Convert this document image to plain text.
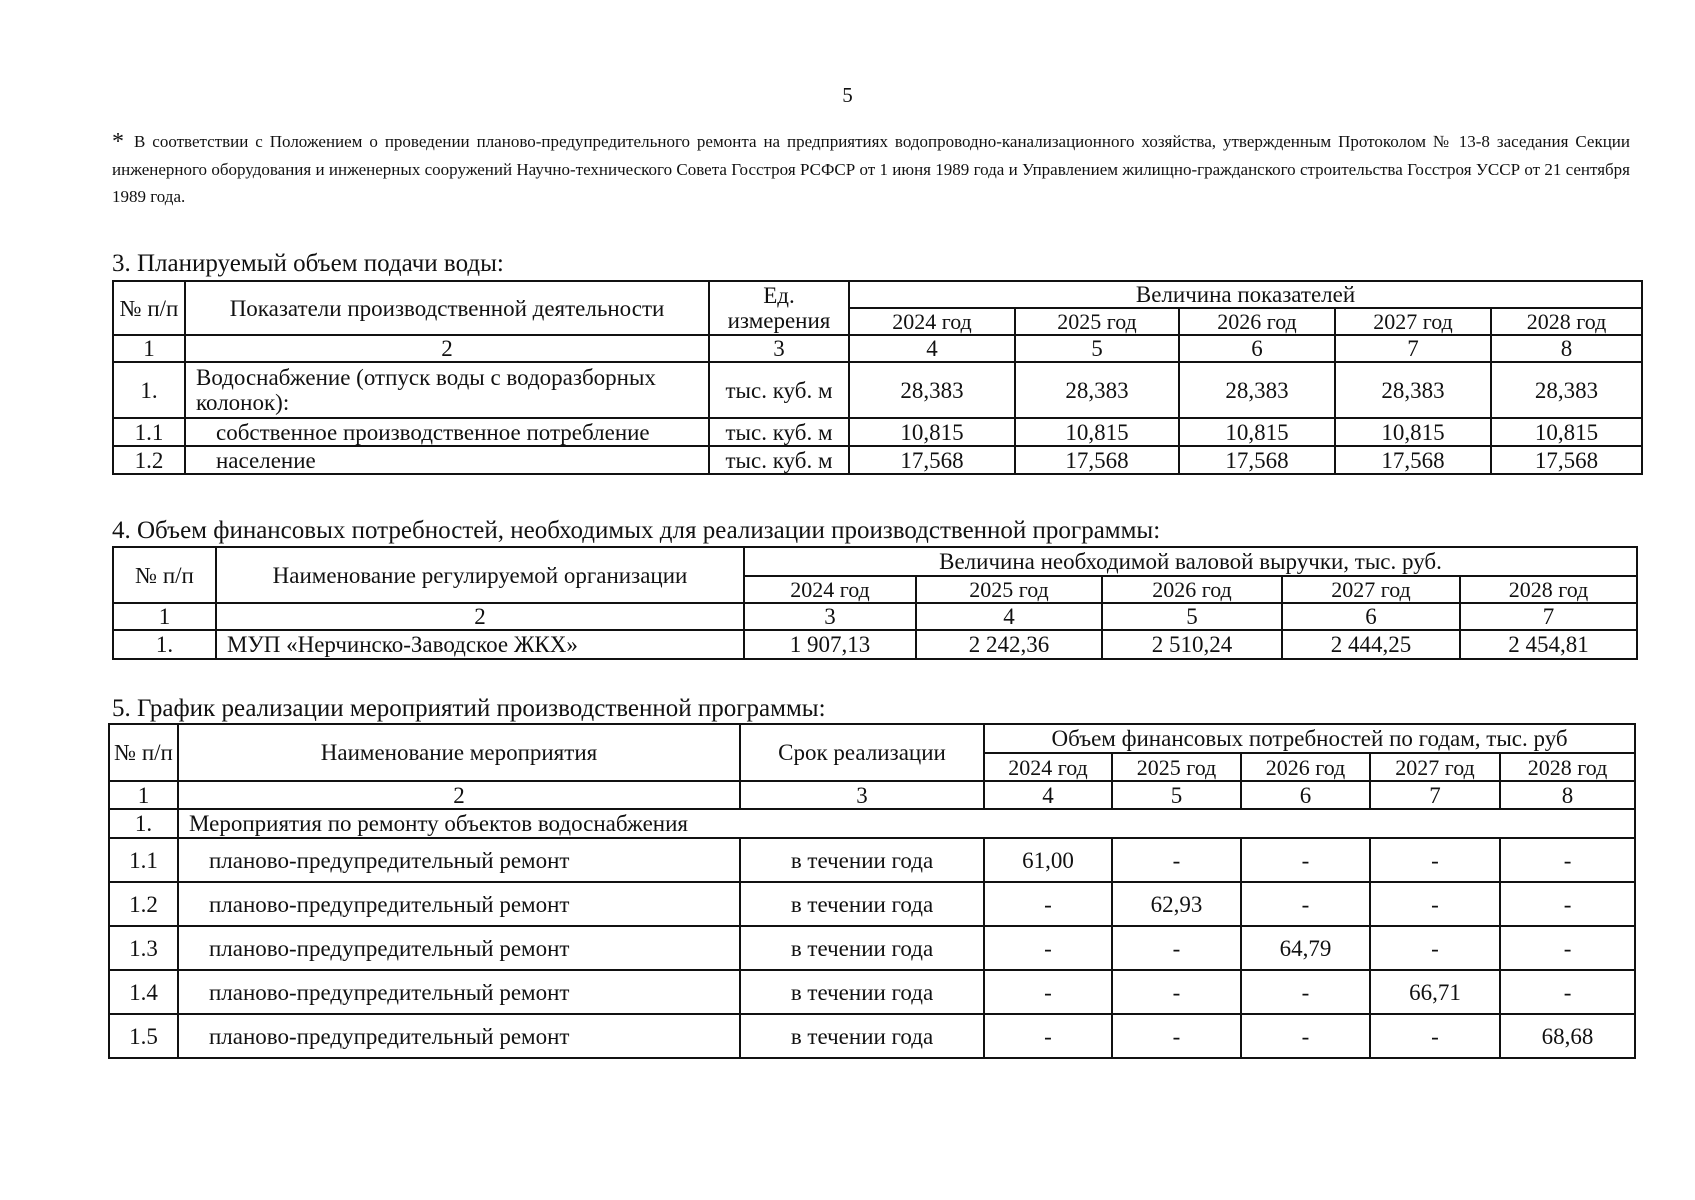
5
* В соответствии с Положением о проведении планово-предупредительного ремонта на предприятиях водопроводно-канализационного хозяйства, утвержденным Протоколом № 13-8 заседания Секции инженерного оборудования и инженерных сооружений Научно-технического Совета Госстроя РСФСР от 1 июня 1989 года и Управлением жилищно-гражданского строительства Госстроя УССР от 21 сентября 1989 года.
3. Планируемый объем подачи воды:
№ п/п	Показатели производственной деятельности	Ед. измерения	Величина показателей				
			2024 год	2025 год	2026 год	2027 год	2028 год
1	2	3	4	5	6	7	8
1.	Водоснабжение (отпуск воды с водоразборных колонок):	тыс. куб. м	28,383	28,383	28,383	28,383	28,383
1.1	собственное производственное потребление	тыс. куб. м	10,815	10,815	10,815	10,815	10,815
1.2	население	тыс. куб. м	17,568	17,568	17,568	17,568	17,568
4. Объем финансовых потребностей, необходимых для реализации производственной программы:
№ п/п	Наименование регулируемой организации	Величина необходимой валовой выручки, тыс. руб.				
		2024 год	2025 год	2026 год	2027 год	2028 год
1	2	3	4	5	6	7
1.	МУП «Нерчинско-Заводское ЖКХ»	1 907,13	2 242,36	2 510,24	2 444,25	2 454,81
5. График реализации мероприятий производственной программы:
№ п/п	Наименование мероприятия	Срок реализации	Объем финансовых потребностей по годам, тыс. руб				
			2024 год	2025 год	2026 год	2027 год	2028 год
1	2	3	4	5	6	7	8
1.	Мероприятия по ремонту объектов водоснабжения						
1.1	планово-предупредительный ремонт	в течении года	61,00	-	-	-	-
1.2	планово-предупредительный ремонт	в течении года	-	62,93	-	-	-
1.3	планово-предупредительный ремонт	в течении года	-	-	64,79	-	-
1.4	планово-предупредительный ремонт	в течении года	-	-	-	66,71	-
1.5	планово-предупредительный ремонт	в течении года	-	-	-	-	68,68
